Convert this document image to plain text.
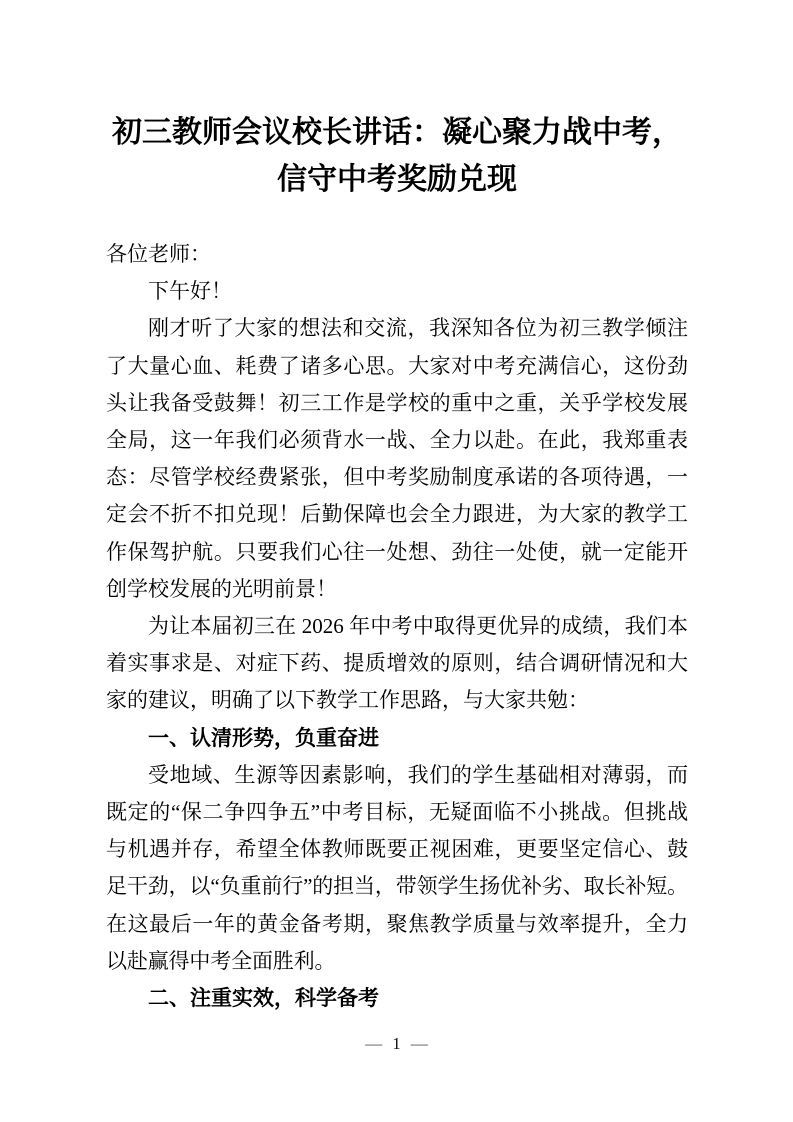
初三教师会议校长讲话：凝心聚力战中考，
信守中考奖励兑现
各位老师：
下午好！
刚才听了大家的想法和交流，我深知各位为初三教学倾注
了大量心血、耗费了诸多心思。大家对中考充满信心，这份劲
头让我备受鼓舞！初三工作是学校的重中之重，关乎学校发展
全局，这一年我们必须背水一战、全力以赴。在此，我郑重表
态：尽管学校经费紧张，但中考奖励制度承诺的各项待遇，一
定会不折不扣兑现！后勤保障也会全力跟进，为大家的教学工
作保驾护航。只要我们心往一处想、劲往一处使，就一定能开
创学校发展的光明前景！
为让本届初三在 2026 年中考中取得更优异的成绩，我们本
着实事求是、对症下药、提质增效的原则，结合调研情况和大
家的建议，明确了以下教学工作思路，与大家共勉：
一、认清形势，负重奋进
受地域、生源等因素影响，我们的学生基础相对薄弱，而
既定的“保二争四争五”中考目标，无疑面临不小挑战。但挑战
与机遇并存，希望全体教师既要正视困难，更要坚定信心、鼓
足干劲，以“负重前行”的担当，带领学生扬优补劣、取长补短。
在这最后一年的黄金备考期，聚焦教学质量与效率提升，全力
以赴赢得中考全面胜利。
二、注重实效，科学备考
— 1 —
